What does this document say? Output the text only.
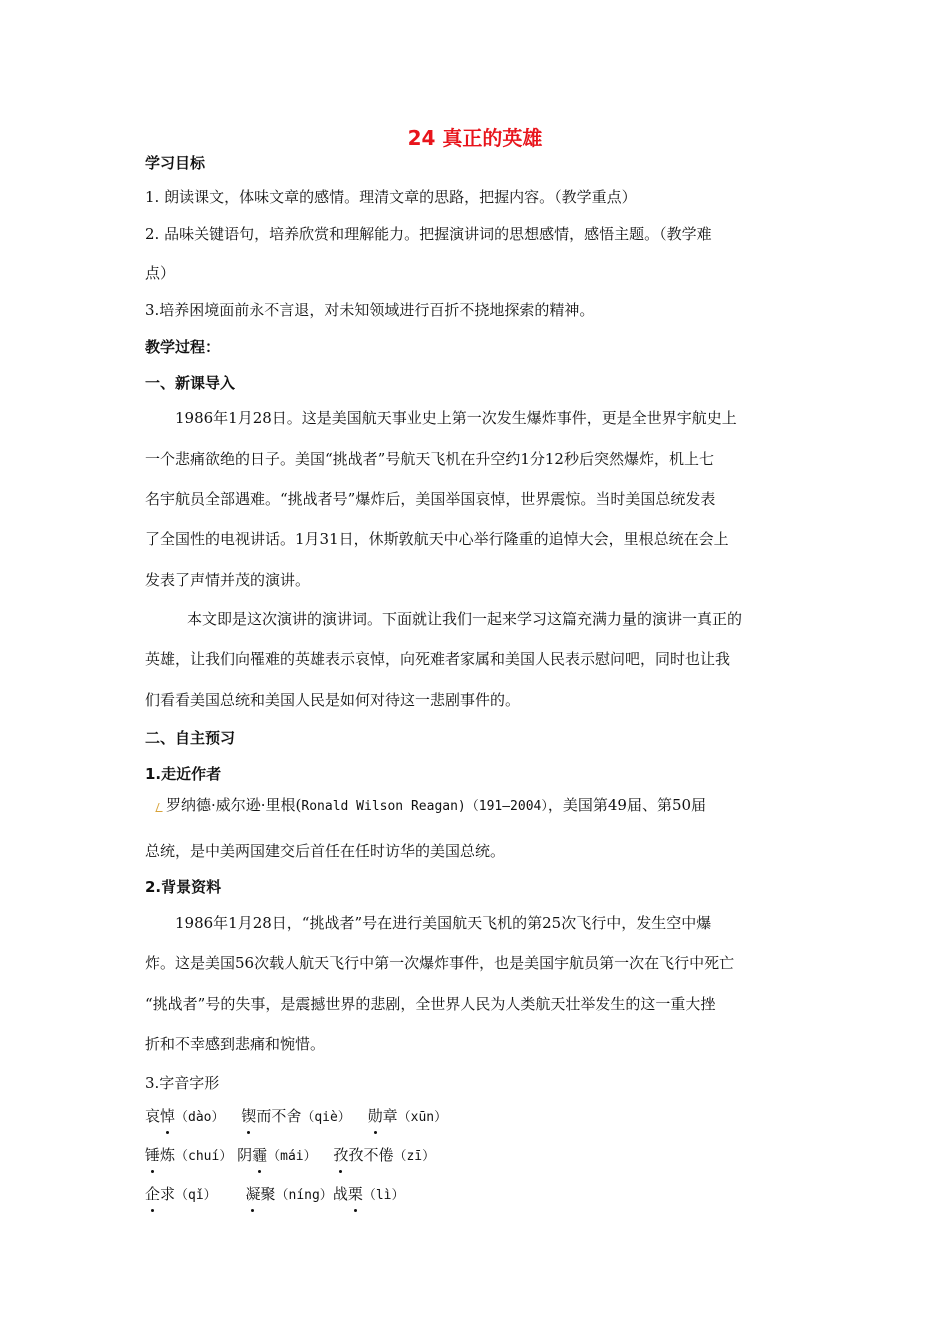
24 真正的英雄
学习目标
1. 朗读课文，体味文章的感情。理清文章的思路，把握内容。（教学重点）
2. 品味关键语句，培养欣赏和理解能力。把握演讲词的思想感情，感悟主题。（教学难
点）
3.培养困境面前永不言退，对未知领域进行百折不挠地探索的精神。
教学过程：
一、新课导入
1986年1月28日。这是美国航天事业史上第一次发生爆炸事件，更是全世界宇航史上
一个悲痛欲绝的日子。美国“挑战者”号航天飞机在升空约1分12秒后突然爆炸，机上七
名宇航员全部遇难。“挑战者号”爆炸后，美国举国哀悼，世界震惊。当时美国总统发表
了全国性的电视讲话。1月31日，休斯敦航天中心举行隆重的追悼大会，里根总统在会上
发表了声情并茂的演讲。
本文即是这次演讲的演讲词。下面就让我们一起来学习这篇充满力量的演讲一真正的
英雄，让我们向罹难的英雄表示哀悼，向死难者家属和美国人民表示慰问吧，同时也让我
们看看美国总统和美国人民是如何对待这一悲剧事件的。
二、自主预习
1.走近作者
罗纳德·威尔逊·里根(Ronald Wilson Reagan)（191—2004），美国第49届、第50届
总统，是中美两国建交后首任在任时访华的美国总统。
2.背景资料
1986年1月28日，“挑战者”号在进行美国航天飞机的第25次飞行中，发生空中爆
炸。这是美国56次载人航天飞行中第一次爆炸事件，也是美国宇航员第一次在飞行中死亡
“挑战者”号的失事，是震撼世界的悲剧，全世界人民为人类航天壮举发生的这一重大挫
折和不幸感到悲痛和惋惜。
3.字音字形
哀悼（dào） 锲而不舍（qiè） 勋章（xūn）
锤炼（chuí） 阴霾（mái） 孜孜不倦（zī）
企求（qǐ） 凝聚（níng）战栗（lì）
